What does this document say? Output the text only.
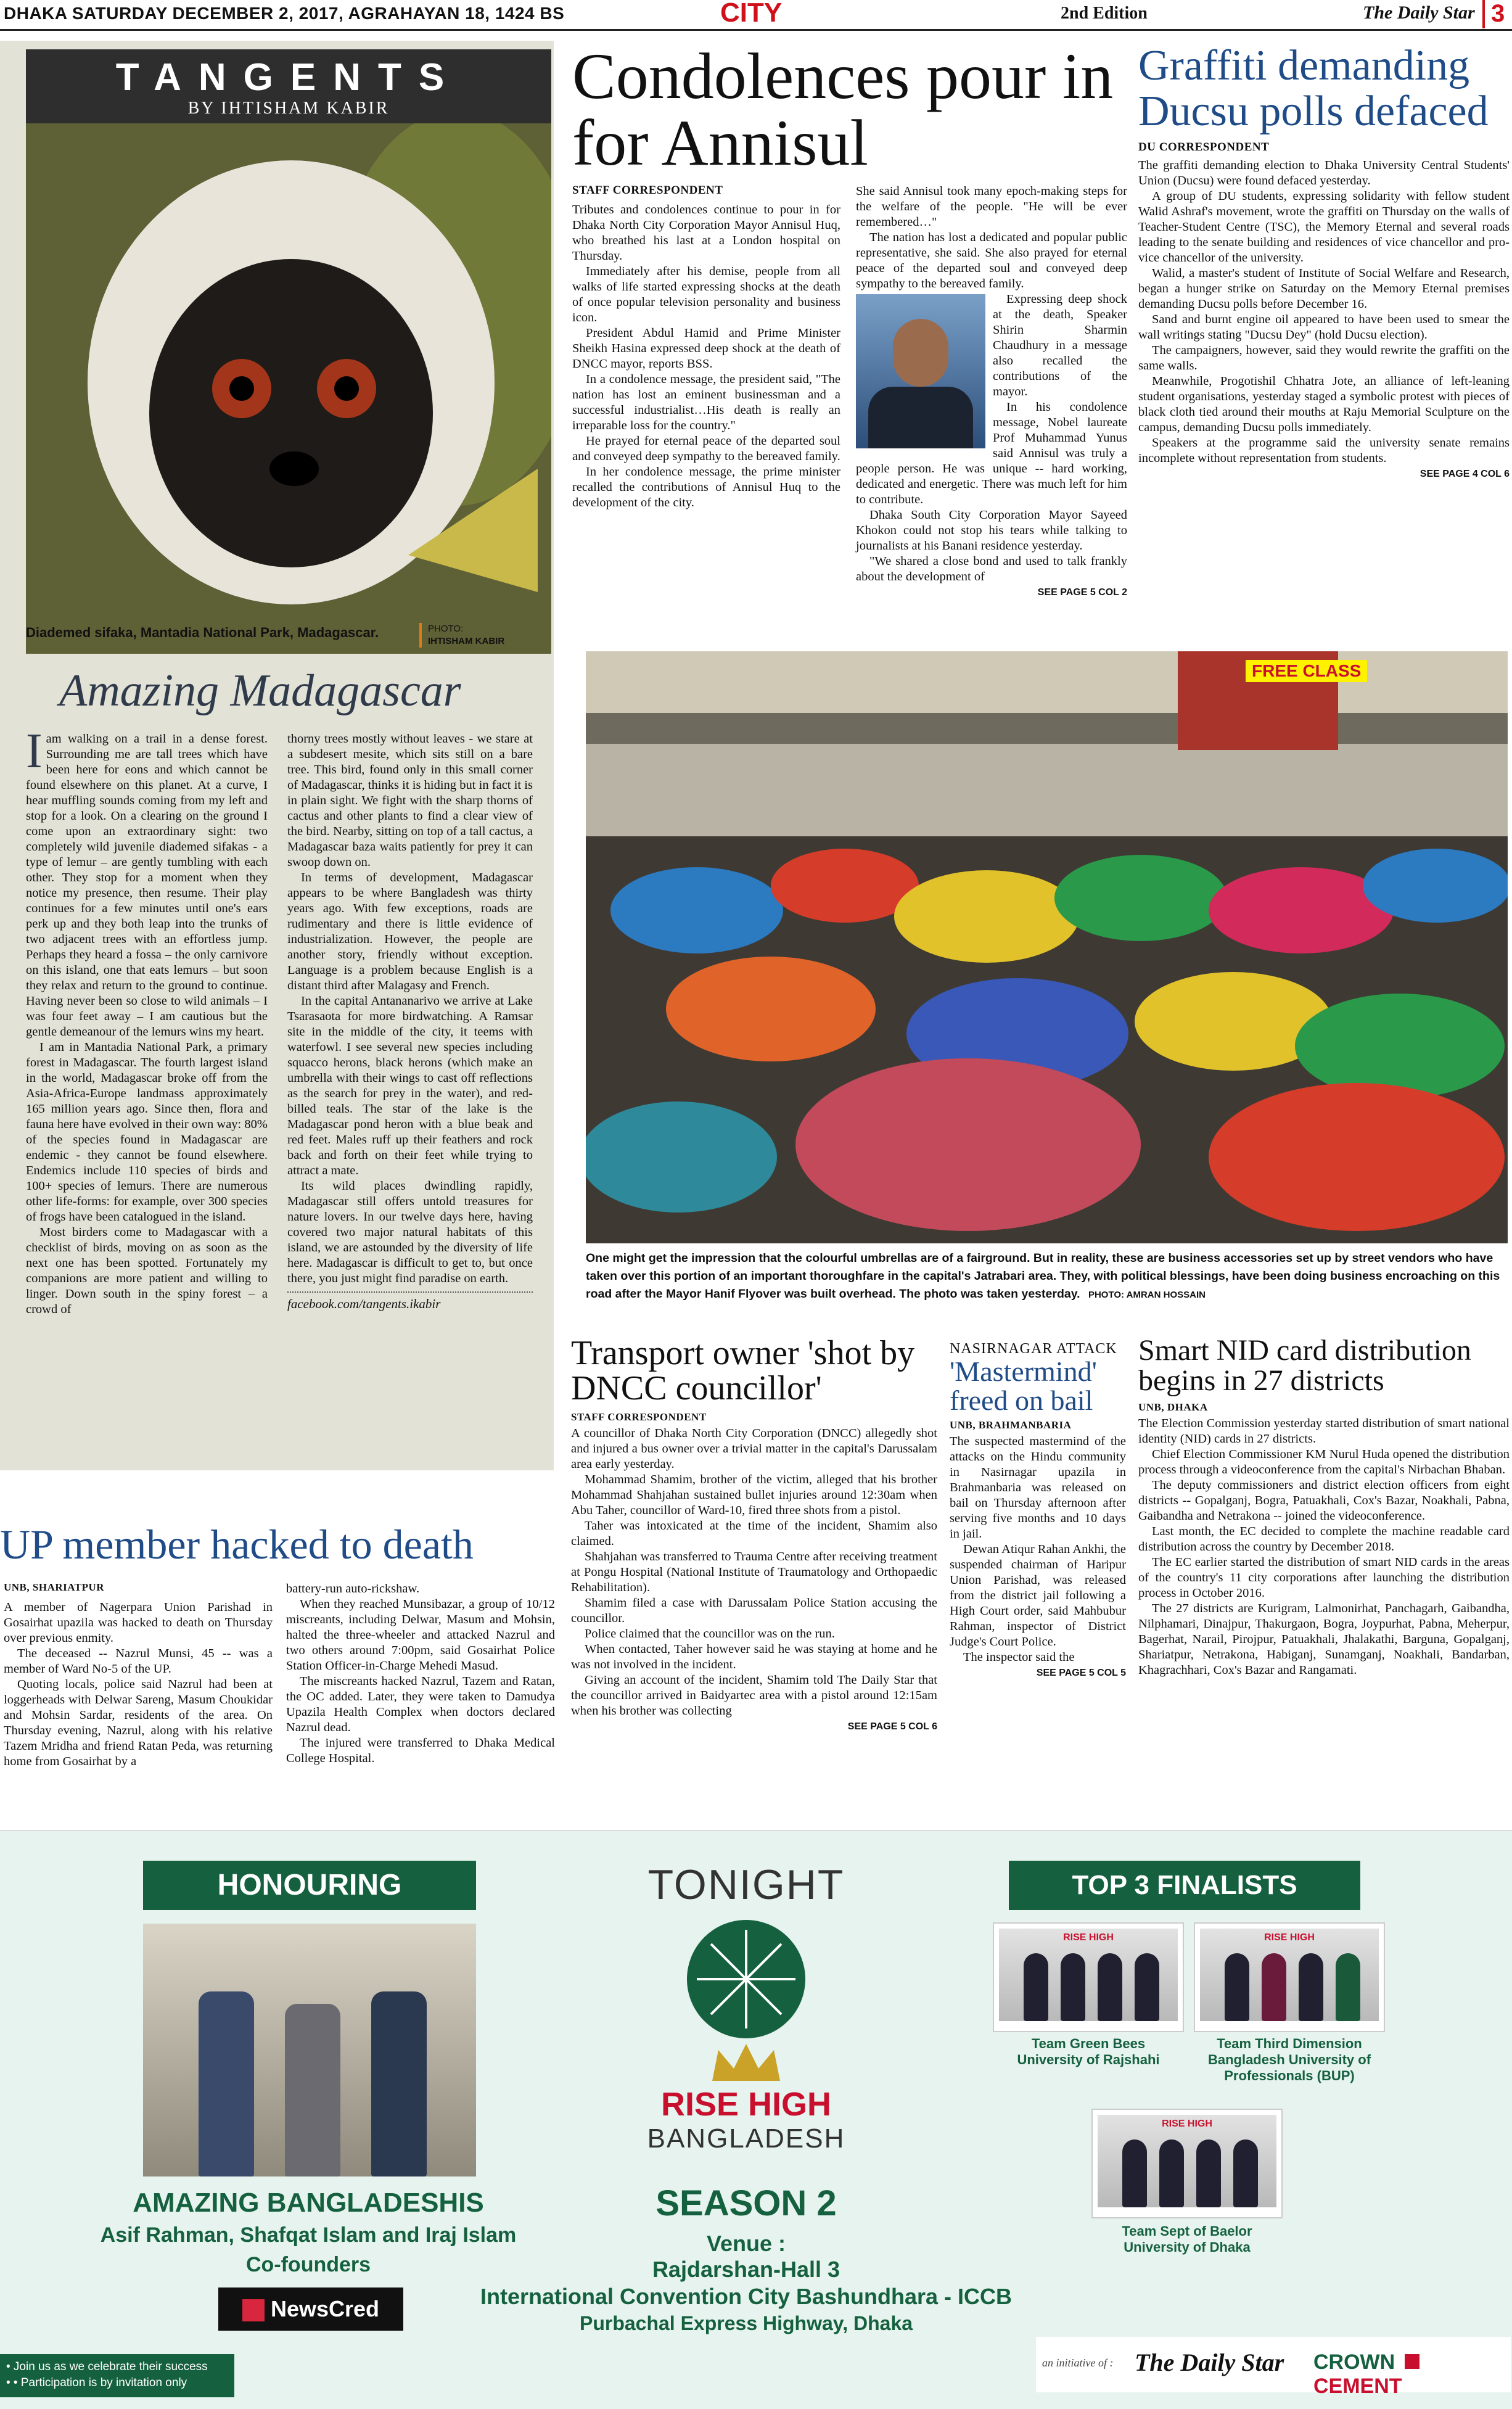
DHAKA SATURDAY DECEMBER 2, 2017, AGRAHAYAN 18, 1424 BS	CITY	2nd Edition	The Daily Star 3
TANGENTS
BY IHTISHAM KABIR
Diademed sifaka, Mantadia National Park, Madagascar.	PHOTO:
IHTISHAM KABIR
Amazing Madagascar

I am walking on a trail in a dense forest. Surrounding me are tall trees which have been here for eons and which cannot be found elsewhere on this planet. At a curve, I hear muffling sounds coming from my left and stop for a look. On a clearing on the ground I come upon an extraordinary sight: two completely wild juvenile diademed sifakas - a type of lemur – are gently tumbling with each other. They stop for a moment when they notice my presence, then resume. Their play continues for a few minutes until one's ears perk up and they both leap into the trunks of two adjacent trees with an effortless jump. Perhaps they heard a fossa – the only carnivore on this island, one that eats lemurs – but soon they relax and return to the ground to continue. Having never been so close to wild animals – I was four feet away – I am cautious but the gentle demeanour of the lemurs wins my heart.

I am in Mantadia National Park, a primary forest in Madagascar. The fourth largest island in the world, Madagascar broke off from the Asia-Africa-Europe landmass approximately 165 million years ago. Since then, flora and fauna here have evolved in their own way: 80% of the species found in Madagascar are endemic - they cannot be found elsewhere. Endemics include 110 species of birds and 100+ species of lemurs. There are numerous other life-forms: for example, over 300 species of frogs have been catalogued in the island.

Most birders come to Madagascar with a checklist of birds, moving on as soon as the next one has been spotted. Fortunately my companions are more patient and willing to linger. Down south in the spiny forest – a crowd of

thorny trees mostly without leaves - we stare at a subdesert mesite, which sits still on a bare tree. This bird, found only in this small corner of Madagascar, thinks it is hiding but in fact it is in plain sight. We fight with the sharp thorns of cactus and other plants to find a clear view of the bird. Nearby, sitting on top of a tall cactus, a Madagascar baza waits patiently for prey it can swoop down on.

In terms of development, Madagascar appears to be where Bangladesh was thirty years ago. With few exceptions, roads are rudimentary and there is little evidence of industrialization. However, the people are another story, friendly without exception. Language is a problem because English is a distant third after Malagasy and French.

In the capital Antananarivo we arrive at Lake Tsarasaota for more birdwatching. A Ramsar site in the middle of the city, it teems with waterfowl. I see several new species including squacco herons, black herons (which make an umbrella with their wings to cast off reflections as the search for prey in the water), and red-billed teals. The star of the lake is the Madagascar pond heron with a blue beak and red feet. Males ruff up their feathers and rock back and forth on their feet while trying to attract a mate.

Its wild places dwindling rapidly, Madagascar still offers untold treasures for nature lovers. In our twelve days here, having covered two major natural habitats of this island, we are astounded by the diversity of life here. Madagascar is difficult to get to, but once there, you just might find paradise on earth.

facebook.com/tangents.ikabir
Condolences pour in for Annisul
STAFF CORRESPONDENT

Tributes and condolences continue to pour in for Dhaka North City Corporation Mayor Annisul Huq, who breathed his last at a London hospital on Thursday.

Immediately after his demise, people from all walks of life started expressing shocks at the death of once popular television personality and business icon.

President Abdul Hamid and Prime Minister Sheikh Hasina expressed deep shock at the death of DNCC mayor, reports BSS.

In a condolence message, the president said, "The nation has lost an eminent businessman and a successful industrialist…His death is really an irreparable loss for the country."

He prayed for eternal peace of the departed soul and conveyed deep sympathy to the bereaved family.

In her condolence message, the prime minister recalled the contributions of Annisul Huq to the development of the city.

She said Annisul took many epoch-making steps for the welfare of the people. "He will be ever remembered…"

The nation has lost a dedicated and popular public representative, she said. She also prayed for eternal peace of the departed soul and conveyed deep sympathy to the bereaved family.

Expressing deep shock at the death, Speaker Shirin Sharmin Chaudhury in a message also recalled the contributions of the mayor.

In his condolence message, Nobel laureate Prof Muhammad Yunus said Annisul was truly a people person. He was unique -- hard working, dedicated and energetic. There was much left for him to contribute.

Dhaka South City Corporation Mayor Sayeed Khokon could not stop his tears while talking to journalists at his Banani residence yesterday.

"We shared a close bond and used to talk frankly about the development of

SEE PAGE 5 COL 2
Graffiti demanding Ducsu polls defaced
DU CORRESPONDENT

The graffiti demanding election to Dhaka University Central Students' Union (Ducsu) were found defaced yesterday.

A group of DU students, expressing solidarity with fellow student Walid Ashraf's movement, wrote the graffiti on Thursday on the walls of Teacher-Student Centre (TSC), the Memory Eternal and several roads leading to the senate building and residences of vice chancellor and pro-vice chancellor of the university.

Walid, a master's student of Institute of Social Welfare and Research, began a hunger strike on Saturday on the Memory Eternal premises demanding Ducsu polls before December 16.

Sand and burnt engine oil appeared to have been used to smear the wall writings stating "Ducsu Dey" (hold Ducsu election).

The campaigners, however, said they would rewrite the graffiti on the same walls.

Meanwhile, Progotishil Chhatra Jote, an alliance of left-leaning student organisations, yesterday staged a symbolic protest with pieces of black cloth tied around their mouths at Raju Memorial Sculpture on the campus, demanding Ducsu polls immediately.

Speakers at the programme said the university senate remains incomplete without representation from students.

SEE PAGE 4 COL 6
FREE CLASS
One might get the impression that the colourful umbrellas are of a fairground. But in reality, these are business accessories set up by street vendors who have taken over this portion of an important thoroughfare in the capital's Jatrabari area. They, with political blessings, have been doing business encroaching on this road after the Mayor Hanif Flyover was built overhead. The photo was taken yesterday. PHOTO: AMRAN HOSSAIN
UP member hacked to death
UNB, SHARIATPUR

A member of Nagerpara Union Parishad in Gosairhat upazila was hacked to death on Thursday over previous enmity.

The deceased -- Nazrul Munsi, 45 -- was a member of Ward No-5 of the UP.

Quoting locals, police said Nazrul had been at loggerheads with Delwar Sareng, Masum Choukidar and Mohsin Sardar, residents of the area. On Thursday evening, Nazrul, along with his relative Tazem Mridha and friend Ratan Peda, was returning home from Gosairhat by a

battery-run auto-rickshaw.

When they reached Munsibazar, a group of 10/12 miscreants, including Delwar, Masum and Mohsin, halted the three-wheeler and attacked Nazrul and two others around 7:00pm, said Gosairhat Police Station Officer-in-Charge Mehedi Masud.

The miscreants hacked Nazrul, Tazem and Ratan, the OC added. Later, they were taken to Damudya Upazila Health Complex when doctors declared Nazrul dead.

The injured were transferred to Dhaka Medical College Hospital.

Transport owner 'shot by DNCC councillor'
STAFF CORRESPONDENT

A councillor of Dhaka North City Corporation (DNCC) allegedly shot and injured a bus owner over a trivial matter in the capital's Darussalam area early yesterday.

Mohammad Shamim, brother of the victim, alleged that his brother Mohammad Shahjahan sustained bullet injuries around 12:30am when Abu Taher, councillor of Ward-10, fired three shots from a pistol.

Taher was intoxicated at the time of the incident, Shamim also claimed.

Shahjahan was transferred to Trauma Centre after receiving treatment at Pongu Hospital (National Institute of Traumatology and Orthopaedic Rehabilitation).

Shamim filed a case with Darussalam Police Station accusing the councillor.

Police claimed that the councillor was on the run.

When contacted, Taher however said he was staying at home and he was not involved in the incident.

Giving an account of the incident, Shamim told The Daily Star that the councillor arrived in Baidyartec area with a pistol around 12:15am when his brother was collecting

SEE PAGE 5 COL 6
NASIRNAGAR ATTACK
'Mastermind' freed on bail
UNB, BRAHMANBARIA

The suspected mastermind of the attacks on the Hindu community in Nasirnagar upazila in Brahmanbaria was released on bail on Thursday afternoon after serving five months and 10 days in jail.

Dewan Atiqur Rahan Ankhi, the suspended chairman of Haripur Union Parishad, was released from the district jail following a High Court order, said Mahbubur Rahman, inspector of District Judge's Court Police.

The inspector said the

SEE PAGE 5 COL 5
Smart NID card distribution begins in 27 districts
UNB, DHAKA

The Election Commission yesterday started distribution of smart national identity (NID) cards in 27 districts.

Chief Election Commissioner KM Nurul Huda opened the distribution process through a videoconference from the capital's Nirbachan Bhaban.

The deputy commissioners and district election officers from eight districts -- Gopalganj, Bogra, Patuakhali, Cox's Bazar, Noakhali, Pabna, Gaibandha and Netrakona -- joined the videoconference.

Last month, the EC decided to complete the machine readable card distribution across the country by December 2018.

The EC earlier started the distribution of smart NID cards in the areas of the country's 11 city corporations after launching the distribution process in October 2016.

The 27 districts are Kurigram, Lalmonirhat, Panchagarh, Gaibandha, Nilphamari, Dinajpur, Thakurgaon, Bogra, Joypurhat, Pabna, Meherpur, Bagerhat, Narail, Pirojpur, Patuakhali, Jhalakathi, Barguna, Gopalganj, Shariatpur, Netrakona, Habiganj, Sunamganj, Noakhali, Bandarban, Khagrachhari, Cox's Bazar and Rangamati.

HONOURING
AMAZING BANGLADESHIS
Asif Rahman, Shafqat Islam and Iraj Islam
Co-founders
NewsCred
• Join us as we celebrate their success
• • Participation is by invitation only
TONIGHT
RISE HIGH
BANGLADESH
SEASON 2
Venue :
Rajdarshan-Hall 3
International Convention City Bashundhara - ICCB
Purbachal Express Highway, Dhaka
TOP 3 FINALISTS
RISE HIGH
Team Green Bees University of Rajshahi
RISE HIGH
Team Third Dimension Bangladesh University of Professionals (BUP)
RISE HIGH
Team Sept of Baelor University of Dhaka
an initiative of : The Daily Star CROWN  CEMENT
